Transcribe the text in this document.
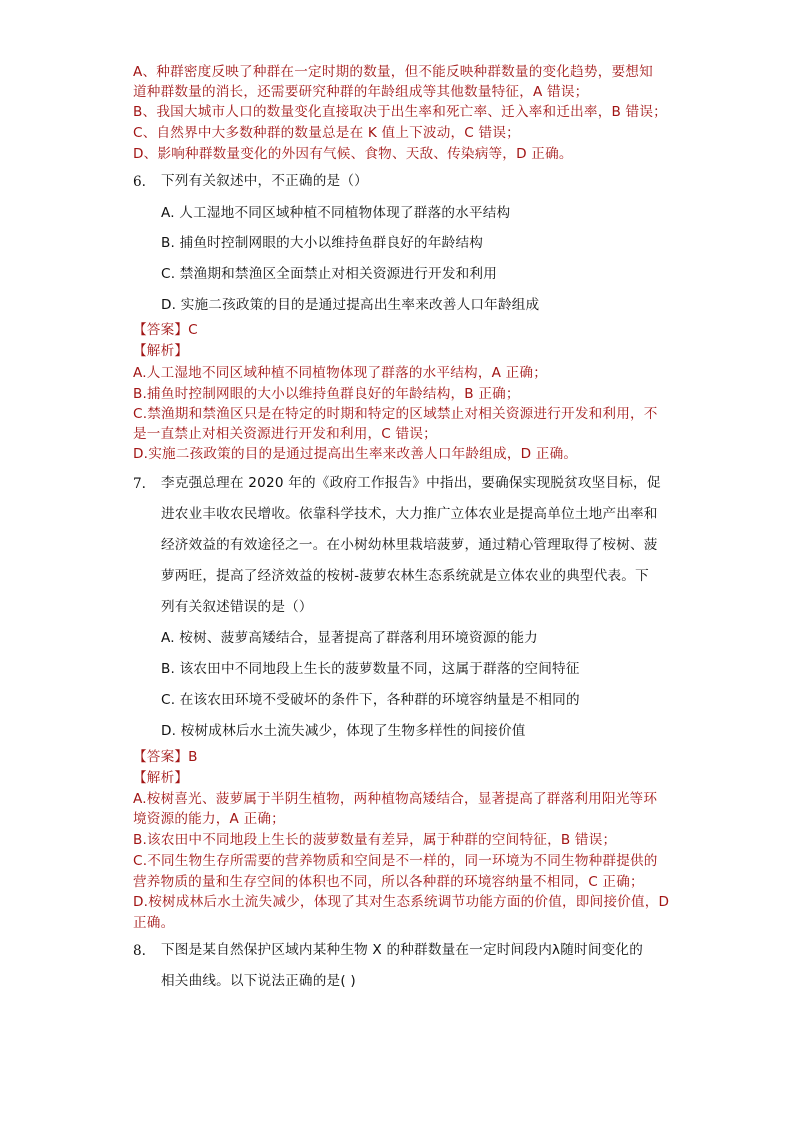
A、种群密度反映了种群在一定时期的数量，但不能反映种群数量的变化趋势，要想知
道种群数量的消长，还需要研究种群的年龄组成等其他数量特征，A 错误；
B、我国大城市人口的数量变化直接取决于出生率和死亡率、迁入率和迁出率，B 错误；
C、自然界中大多数种群的数量总是在 K 值上下波动，C 错误；
D、影响种群数量变化的外因有气候、食物、天敌、传染病等，D 正确。
6. 下列有关叙述中，不正确的是（）
A. 人工湿地不同区域种植不同植物体现了群落的水平结构
B. 捕鱼时控制网眼的大小以维持鱼群良好的年龄结构
C. 禁渔期和禁渔区全面禁止对相关资源进行开发和利用
D. 实施二孩政策的目的是通过提高出生率来改善人口年龄组成
【答案】C
【解析】
A.人工湿地不同区域种植不同植物体现了群落的水平结构，A 正确；
B.捕鱼时控制网眼的大小以维持鱼群良好的年龄结构，B 正确；
C.禁渔期和禁渔区只是在特定的时期和特定的区域禁止对相关资源进行开发和利用，不
是一直禁止对相关资源进行开发和利用，C 错误；
D.实施二孩政策的目的是通过提高出生率来改善人口年龄组成，D 正确。
7. 李克强总理在 2020 年的《政府工作报告》中指出，要确保实现脱贫攻坚目标，促
进农业丰收农民增收。依靠科学技术，大力推广立体农业是提高单位土地产出率和
经济效益的有效途径之一。在小树幼林里栽培菠萝，通过精心管理取得了桉树、菠
萝两旺，提高了经济效益的桉树-菠萝农林生态系统就是立体农业的典型代表。下
列有关叙述错误的是（）
A. 桉树、菠萝高矮结合，显著提高了群落利用环境资源的能力
B. 该农田中不同地段上生长的菠萝数量不同，这属于群落的空间特征
C. 在该农田环境不受破坏的条件下，各种群的环境容纳量是不相同的
D. 桉树成林后水土流失减少，体现了生物多样性的间接价值
【答案】B
【解析】
A.桉树喜光、菠萝属于半阴生植物，两种植物高矮结合，显著提高了群落利用阳光等环
境资源的能力，A 正确；
B.该农田中不同地段上生长的菠萝数量有差异，属于种群的空间特征，B 错误；
C.不同生物生存所需要的营养物质和空间是不一样的，同一环境为不同生物种群提供的
营养物质的量和生存空间的体积也不同，所以各种群的环境容纳量不相同，C 正确；
D.桉树成林后水土流失减少，体现了其对生态系统调节功能方面的价值，即间接价值，D
正确。
8. 下图是某自然保护区域内某种生物 X 的种群数量在一定时间段内λ随时间变化的
相关曲线。以下说法正确的是( )
